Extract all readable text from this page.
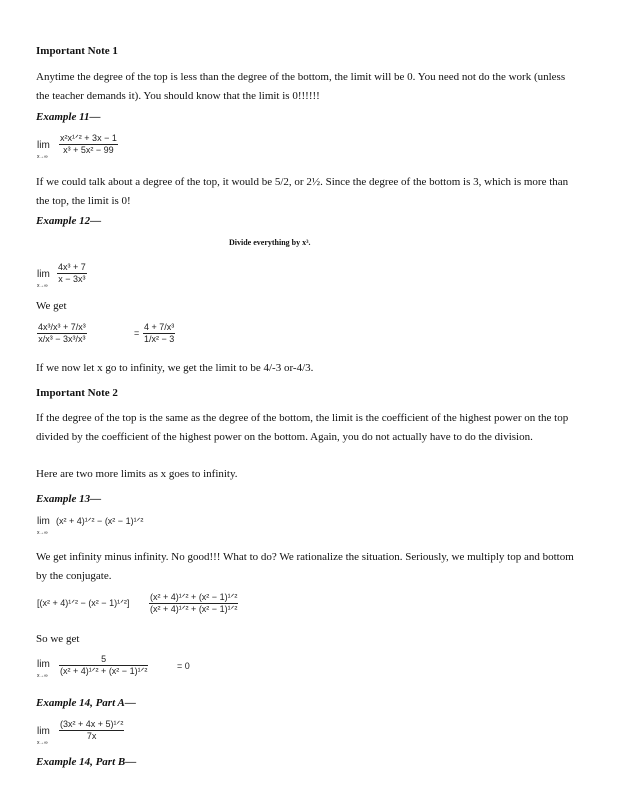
Important Note 1
Anytime the degree of the top is less than the degree of the bottom, the limit will be 0. You need not do the work (unless the teacher demands it). You should know that the limit is 0!!!!!!
Example 11—
lim
x→∞
x²x¹ᐟ² + 3x − 1
x³ + 5x² − 99
If we could talk about a degree of the top, it would be 5/2, or 2½. Since the degree of the bottom is 3, which is more than the top, the limit is 0!
Example 12—
Divide everything by x³.
lim
x→∞
$\frac{\text{4x³ + 7}}{\text{x − 3x³}}$
We get
$\frac{\text{4x³/x³ + 7/x³}}{\text{x/x³ − 3x³/x³}}$	= $\frac{\text{4 + 7/x³}}{\text{1/x² − 3}}$
If we now let x go to infinity, we get the limit to be 4/-3 or-4/3.
Important Note 2
If the degree of the top is the same as the degree of the bottom, the limit is the coefficient of the highest power on the top divided by the coefficient of the highest power on the bottom. Again, you do not actually have to do the division.
Here are two more limits as x goes to infinity.
Example 13—
lim
x→∞
(x² + 4)¹ᐟ² − (x² − 1)¹ᐟ²
We get infinity minus infinity. No good!!! What to do? We rationalize the situation. Seriously, we multiply top and bottom by the conjugate.
[(x² + 4)¹ᐟ² − (x² − 1)¹ᐟ²]
(x² + 4)¹ᐟ² + (x² − 1)¹ᐟ²
(x² + 4)¹ᐟ² + (x² − 1)¹ᐟ²
So we get
lim
x→∞
5
(x² + 4)¹ᐟ² + (x² − 1)¹ᐟ²	= 0
Example 14, Part A—
lim
x→∞
(3x² + 4x + 5)¹ᐟ²
7x
Example 14, Part B—
